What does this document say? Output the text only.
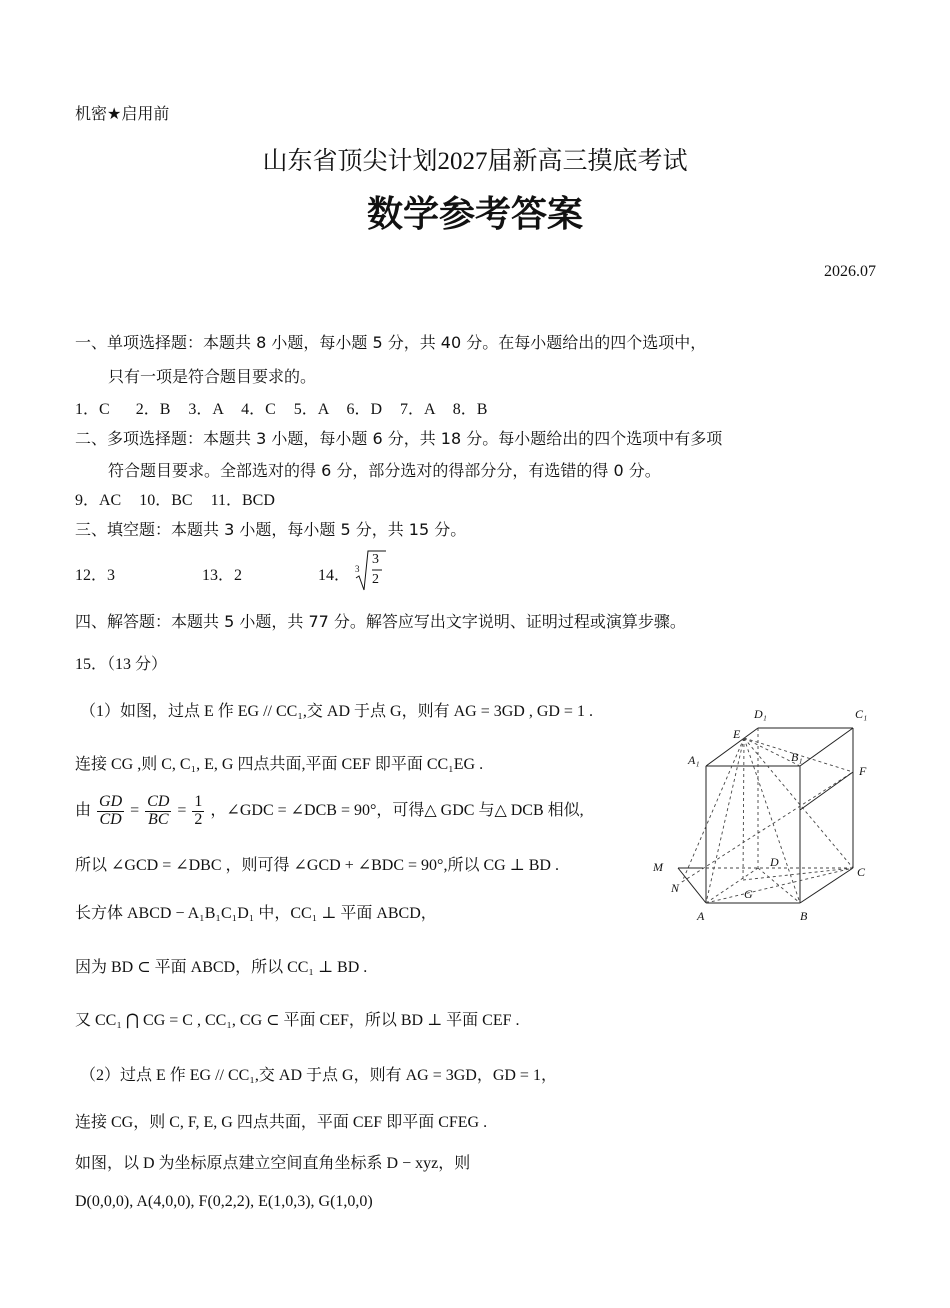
机密★启用前
山东省顶尖计划2027届新高三摸底考试
数学参考答案
2026.07
一、单项选择题：本题共 8 小题，每小题 5 分，共 40 分。在每小题给出的四个选项中，
只有一项是符合题目要求的。
1．C 2．B 3．A 4．C 5．A 6．D 7．A 8．B
二、多项选择题：本题共 3 小题，每小题 6 分，共 18 分。每小题给出的四个选项中有多项
符合题目要求。全部选对的得 6 分，部分选对的得部分分，有选错的得 0 分。
9．AC 10．BC 11．BCD
三、填空题：本题共 3 小题，每小题 5 分，共 15 分。
12．3	13．2	14． 3
3
2
四、解答题：本题共 5 小题，共 77 分。解答应写出文字说明、证明过程或演算步骤。
15．（13 分）
（1）如图，过点 E 作 EG // CC₁,交 AD 于点 G，则有 AG = 3GD , GD = 1 .
连接 CG ,则 C, C₁, E, G 四点共面,平面 CEF 即平面 CC₁EG .
由 $\frac{GD}{CD} = \frac{CD}{BC} = \frac{1}{2}$ ，∠GDC = ∠DCB = 90°，可得△ GDC 与△ DCB 相似,
所以 ∠GCD = ∠DBC ，则可得 ∠GCD + ∠BDC = 90°,所以 CG ⊥ BD .
长方体 ABCD − A₁B₁C₁D₁ 中，CC₁ ⊥ 平面 ABCD，
因为 BD ⊂ 平面 ABCD，所以 CC₁ ⊥ BD .
又 CC₁ ⋂ CG = C , CC₁, CG ⊂ 平面 CEF，所以 BD ⊥ 平面 CEF .
（2）过点 E 作 EG // CC₁,交 AD 于点 G，则有 AG = 3GD，GD = 1，
连接 CG，则 C, F, E, G 四点共面，平面 CEF 即平面 CFEG .
如图，以 D 为坐标原点建立空间直角坐标系 D − xyz，则
D(0,0,0), A(4,0,0), F(0,2,2), E(1,0,3), G(1,0,0)
D₁	C₁
E
B₁
A₁
F
M	D
C
N	G
A	B
